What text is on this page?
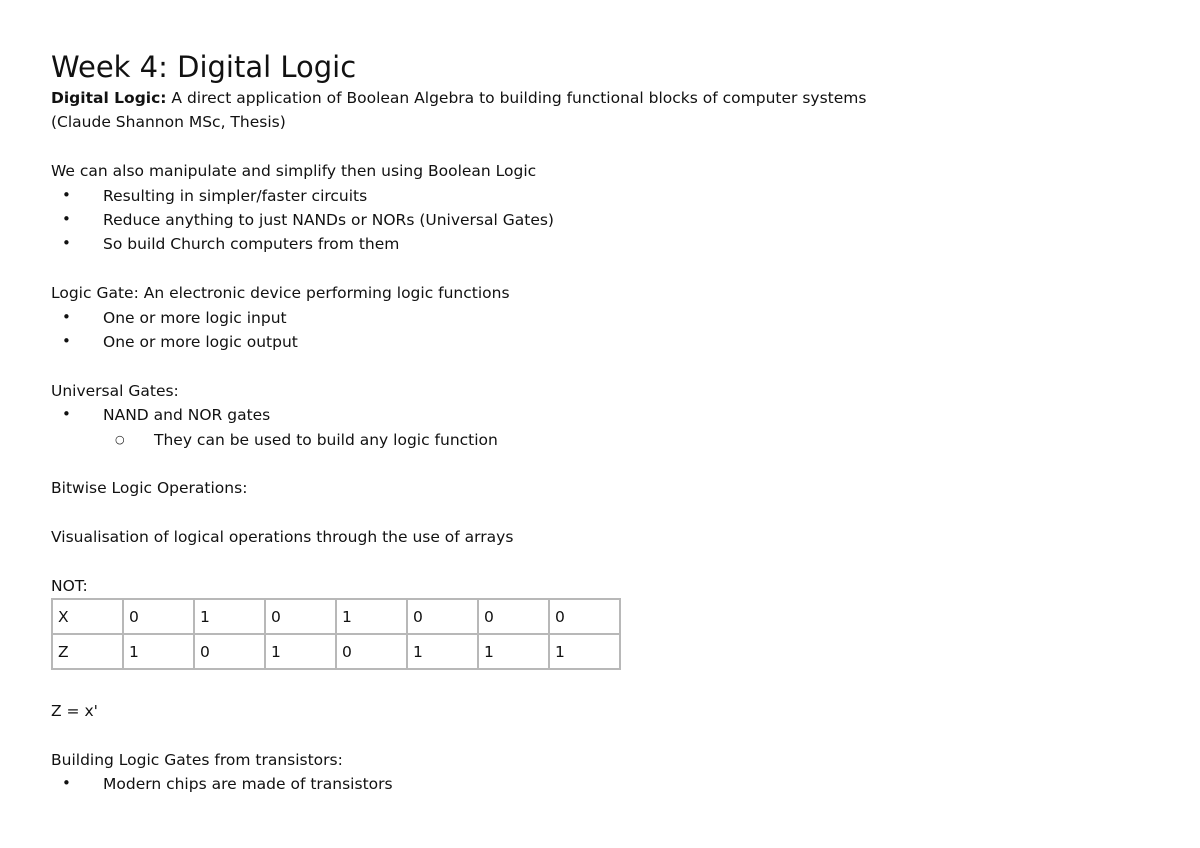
Week 4: Digital Logic

Digital Logic: A direct application of Boolean Algebra to building functional blocks of computer systems

(Claude Shannon MSc, Thesis)

We can also manipulate and simplify then using Boolean Logic

• Resulting in simpler/faster circuits
• Reduce anything to just NANDs or NORs (Universal Gates)
• So build Church computers from them

Logic Gate: An electronic device performing logic functions

• One or more logic input
• One or more logic output

Universal Gates:

• NAND and NOR gates
○ They can be used to build any logic function

Bitwise Logic Operations:

Visualisation of logical operations through the use of arrays

NOT:

X	0	1	0	1	0	0	0
Z	1	0	1	0	1	1	1

Z = x'

Building Logic Gates from transistors:

• Modern chips are made of transistors
